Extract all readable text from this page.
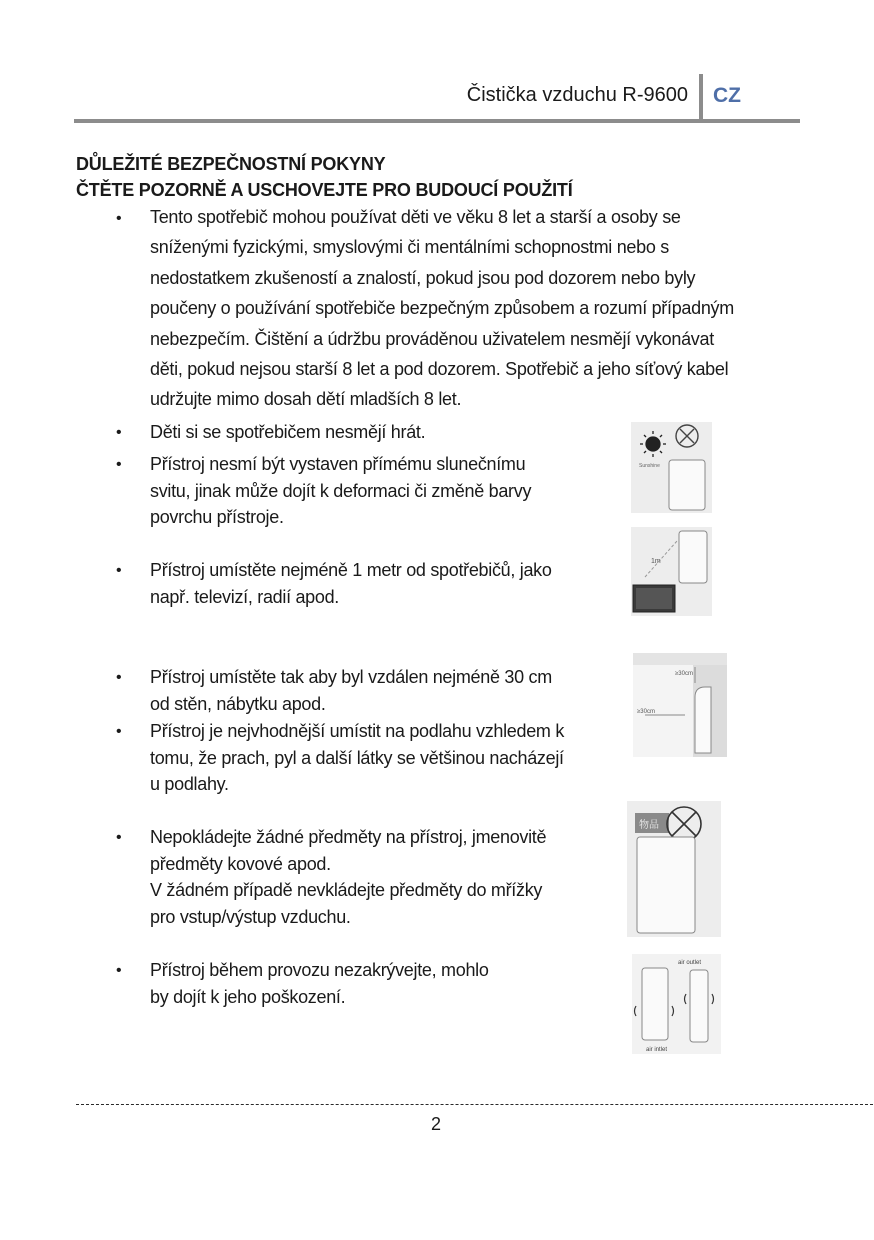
Čistička vzduchu R-9600 CZ
DŮLEŽITÉ BEZPEČNOSTNÍ POKYNY
ČTĚTE POZORNĚ A USCHOVEJTE PRO BUDOUCÍ POUŽITÍ
• Tento spotřebič mohou používat děti ve věku 8 let a starší a osoby se
sníženými fyzickými, smyslovými či mentálními schopnostmi nebo s
nedostatkem zkušeností a znalostí, pokud jsou pod dozorem nebo byly
poučeny o používání spotřebiče bezpečným způsobem a rozumí případným
nebezpečím. Čištění a údržbu prováděnou uživatelem nesmějí vykonávat
děti, pokud nejsou starší 8 let a pod dozorem. Spotřebič a jeho síťový kabel
udržujte mimo dosah dětí mladších 8 let.
• Děti si se spotřebičem nesmějí hrát.
• Přístroj nesmí být vystaven přímému slunečnímu
svitu, jinak může dojít k deformaci či změně barvy
povrchu přístroje.
• Přístroj umístěte nejméně 1 metr od spotřebičů, jako
např. televizí, radií apod.
• Přístroj umístěte tak aby byl vzdálen nejméně 30 cm
od stěn, nábytku apod.
• Přístroj je nejvhodnější umístit na podlahu vzhledem k
tomu, že prach, pyl a další látky se většinou nacházejí
u podlahy.
• Nepokládejte žádné předměty na přístroj, jmenovitě
předměty kovové apod.
V žádném případě nevkládejte předměty do mřížky
pro vstup/výstup vzduchu.
• Přístroj během provozu nezakrývejte, mohlo
by dojít k jeho poškození.
Sunshine
1m
≥30cm
≥30cm
物品
air outlet
air intlet
2
